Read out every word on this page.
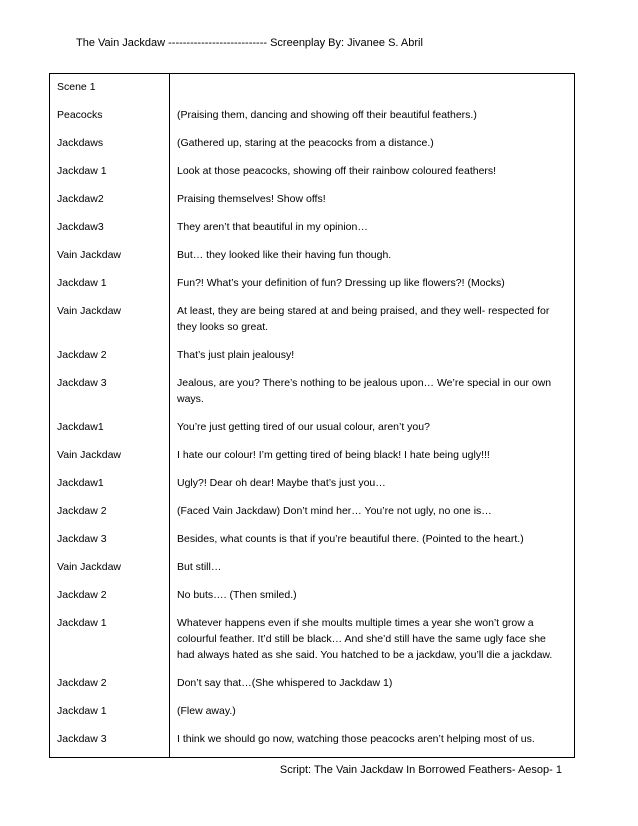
The Vain Jackdaw --------------------------- Screenplay By: Jivanee S. Abril
Scene 1	
Peacocks	(Praising them, dancing and showing off their beautiful feathers.)
Jackdaws	(Gathered up, staring at the peacocks from a distance.)
Jackdaw 1	Look at those peacocks, showing off their rainbow coloured feathers!
Jackdaw2	Praising themselves! Show offs!
Jackdaw3	They aren’t that beautiful in my opinion…
Vain Jackdaw	But… they looked like their having fun though.
Jackdaw 1	Fun?! What’s your definition of fun? Dressing up like flowers?! (Mocks)
Vain Jackdaw	At least, they are being stared at and being praised, and they well- respected for they looks so great.
Jackdaw 2	That’s just plain jealousy!
Jackdaw 3	Jealous, are you? There’s nothing to be jealous upon… We’re special in our own ways.
Jackdaw1	You’re just getting tired of our usual colour, aren’t you?
Vain Jackdaw	I hate our colour! I’m getting tired of being black! I hate being ugly!!!
Jackdaw1	Ugly?! Dear oh dear! Maybe that’s just you…
Jackdaw 2	(Faced Vain Jackdaw) Don’t mind her… You’re not ugly, no one is…
Jackdaw 3	Besides, what counts is that if you’re beautiful there. (Pointed to the heart.)
Vain Jackdaw	But still…
Jackdaw 2	No buts…. (Then smiled.)
Jackdaw 1	Whatever happens even if she moults multiple times a year she won’t grow a colourful feather. It’d still be black… And she’d still have the same ugly face she had always hated as she said. You hatched to be a jackdaw, you’ll die a jackdaw.
Jackdaw 2	Don’t say that…(She whispered to Jackdaw 1)
Jackdaw 1	(Flew away.)
Jackdaw 3	I think we should go now, watching those peacocks aren’t helping most of us.
Script: The Vain Jackdaw In Borrowed Feathers- Aesop- 1
